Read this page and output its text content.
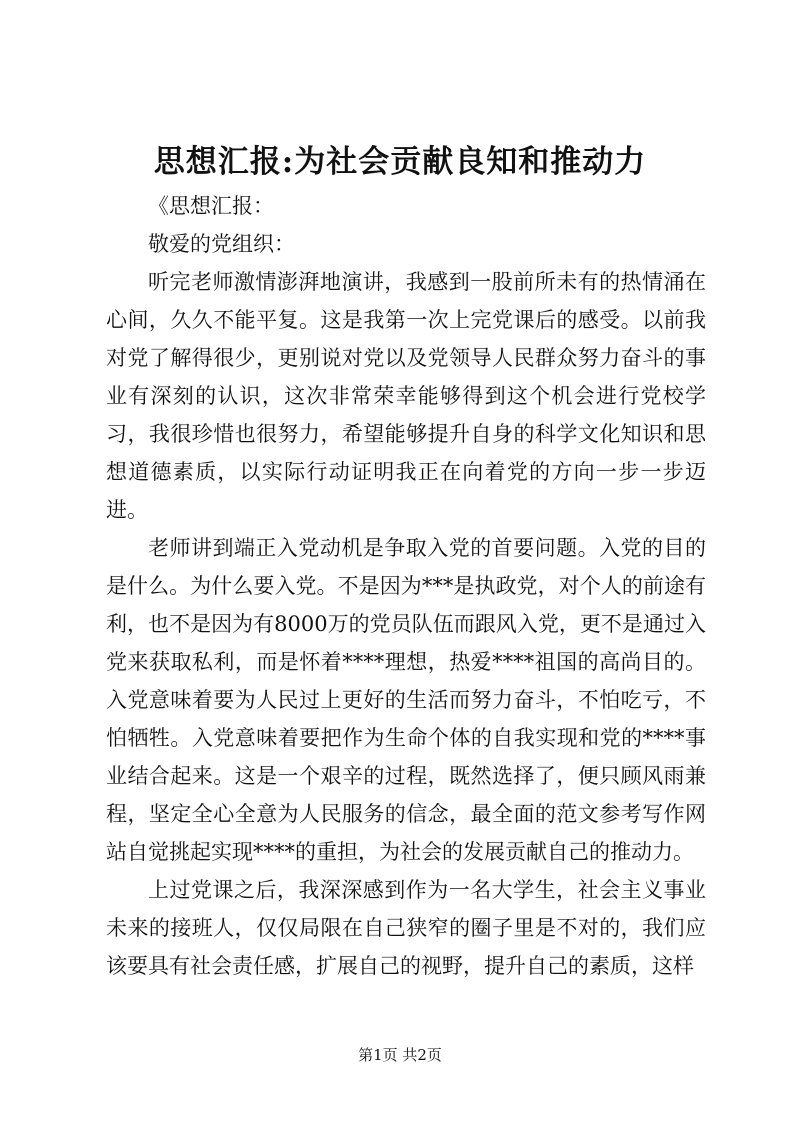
思想汇报:为社会贡献良知和推动力

《思想汇报：

敬爱的党组织：

听完老师激情澎湃地演讲，我感到一股前所未有的热情涌在心间，久久不能平复。这是我第一次上完党课后的感受。以前我对党了解得很少，更别说对党以及党领导人民群众努力奋斗的事业有深刻的认识，这次非常荣幸能够得到这个机会进行党校学习，我很珍惜也很努力，希望能够提升自身的科学文化知识和思想道德素质，以实际行动证明我正在向着党的方向一步一步迈进。

老师讲到端正入党动机是争取入党的首要问题。入党的目的是什么。为什么要入党。不是因为***是执政党，对个人的前途有利，也不是因为有8000万的党员队伍而跟风入党，更不是通过入党来获取私利，而是怀着****理想，热爱****祖国的高尚目的。入党意味着要为人民过上更好的生活而努力奋斗，不怕吃亏，不怕牺牲。入党意味着要把作为生命个体的自我实现和党的****事业结合起来。这是一个艰辛的过程，既然选择了，便只顾风雨兼程，坚定全心全意为人民服务的信念，最全面的范文参考写作网站自觉挑起实现****的重担，为社会的发展贡献自己的推动力。

上过党课之后，我深深感到作为一名大学生，社会主义事业未来的接班人，仅仅局限在自己狭窄的圈子里是不对的，我们应该要具有社会责任感，扩展自己的视野，提升自己的素质，这样

第1页 共2页
